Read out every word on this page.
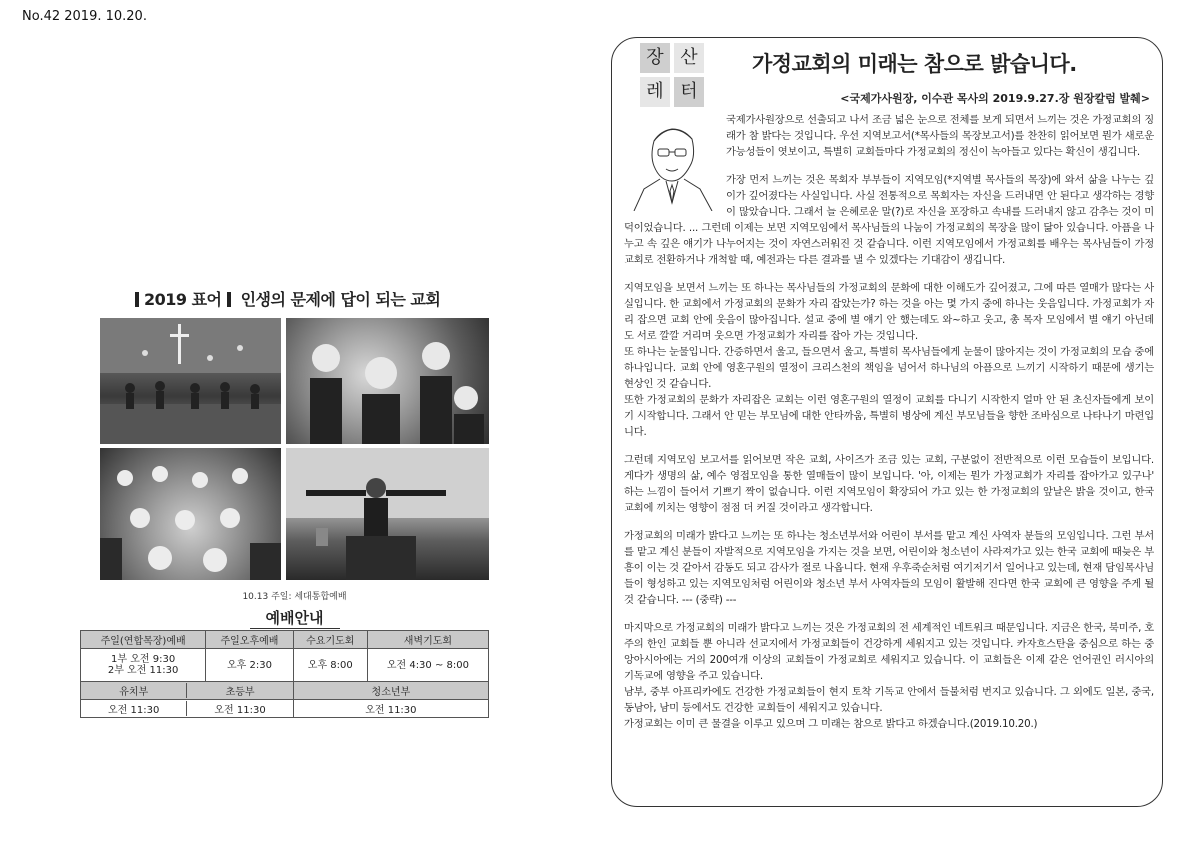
No.42 2019. 10.20.
2019 표어 인생의 문제에 답이 되는 교회
10.13 주일: 세대통합예배
예배안내
주일(연합목장)예배	주일오후예배	수요기도회	새벽기도회
1부 오전 9:30
2부 오전 11:30	오후 2:30	오후 8:00	오전 4:30 ~ 8:00

유치부 초등부		청소년부	

오전 11:30 오전 11:30		오전 11:30	
장 산
레 터
가정교회의 미래는 참으로 밝습니다.
<국제가사원장, 이수관 목사의 2019.9.27.장 원장칼럼 발췌>

국제가사원장으로 선출되고 나서 조금 넓은 눈으로 전체를 보게 되면서 느끼는 것은 가정교회의 징래가 참 밝다는 것입니다. 우선 지역보고서(*목사들의 목장보고서)를 찬찬히 읽어보면 뭔가 새로운 가능성들이 엿보이고, 특별히 교회들마다 가정교회의 정신이 녹아들고 있다는 확신이 생깁니다.

가장 먼저 느끼는 것은 목회자 부부들이 지역모임(*지역별 목사들의 목장)에 와서 삶을 나누는 깊이가 깊어졌다는 사실입니다. 사실 전통적으로 목회자는 자신을 드러내면 안 된다고 생각하는 경향이 많았습니다. 그래서 늘 은혜로운 말(?)로 자신을 포장하고 속내를 드러내지 않고 감추는 것이 미덕이었습니다. ... 그런데 이제는 보면 지역모임에서 목사님들의 나눔이 가정교회의 목장을 많이 닮아 있습니다. 아픔을 나누고 속 깊은 얘기가 나누어지는 것이 자연스러워진 것 같습니다. 이런 지역모임에서 가정교회를 배우는 목사님들이 가정교회로 전환하거나 개척할 때, 예전과는 다른 결과를 낼 수 있겠다는 기대감이 생깁니다.

지역모임을 보면서 느끼는 또 하나는 목사님들의 가정교회의 문화에 대한 이해도가 깊어졌고, 그에 따른 열매가 많다는 사실입니다. 한 교회에서 가정교회의 문화가 자리 잡았는가? 하는 것을 아는 몇 가지 중에 하나는 웃음입니다. 가정교회가 자리 잡으면 교회 안에 웃음이 많아집니다. 설교 중에 별 얘기 안 했는데도 와~하고 웃고, 총 목자 모임에서 별 얘기 아닌데도 서로 깔깔 거리며 웃으면 가정교회가 자리를 잡아 가는 것입니다.

또 하나는 눈물입니다. 간증하면서 울고, 들으면서 울고, 특별히 목사님들에게 눈물이 많아지는 것이 가정교회의 모습 중에 하나입니다. 교회 안에 영혼구원의 열정이 크리스천의 책임을 넘어서 하나님의 아픔으로 느끼기 시작하기 때문에 생기는 현상인 것 같습니다.

또한 가정교회의 문화가 자리잡은 교회는 이런 영혼구원의 열정이 교회를 다니기 시작한지 얼마 안 된 초신자들에게 보이기 시작합니다. 그래서 안 믿는 부모님에 대한 안타까움, 특별히 병상에 계신 부모님들을 향한 조바심으로 나타나기 마련입니다.

그런데 지역모임 보고서를 읽어보면 작은 교회, 사이즈가 조금 있는 교회, 구분없이 전반적으로 이런 모습들이 보입니다. 게다가 생명의 삶, 예수 영접모임을 통한 열매들이 많이 보입니다. '아, 이제는 뭔가 가정교회가 자리를 잡아가고 있구나' 하는 느낌이 들어서 기쁘기 짝이 없습니다. 이런 지역모임이 확장되어 가고 있는 한 가정교회의 앞날은 밝을 것이고, 한국 교회에 끼치는 영향이 점점 더 커질 것이라고 생각합니다.

가정교회의 미래가 밝다고 느끼는 또 하나는 청소년부서와 어린이 부서를 맡고 계신 사역자 분들의 모임입니다. 그런 부서를 맡고 계신 분들이 자발적으로 지역모임을 가지는 것을 보면, 어린이와 청소년이 사라져가고 있는 한국 교회에 때늦은 부흥이 이는 것 같아서 감동도 되고 감사가 절로 나옵니다. 현재 우후죽순처럼 여기저기서 일어나고 있는데, 현재 담임목사님들이 형성하고 있는 지역모임처럼 어린이와 청소년 부서 사역자들의 모임이 활발해 진다면 한국 교회에 큰 영향을 주게 될 것 같습니다. --- (중략) ---

마지막으로 가정교회의 미래가 밝다고 느끼는 것은 가정교회의 전 세계적인 네트워크 때문입니다. 지금은 한국, 북미주, 호주의 한인 교회들 뿐 아니라 선교지에서 가정교회들이 건강하게 세워지고 있는 것입니다. 카자흐스탄을 중심으로 하는 중앙아시아에는 거의 200여개 이상의 교회들이 가정교회로 세워지고 있습니다. 이 교회들은 이제 같은 언어권인 러시아의 기독교에 영향을 주고 있습니다.

남부, 중부 아프리카에도 건강한 가정교회들이 현지 토착 기독교 안에서 들불처럼 번지고 있습니다. 그 외에도 일본, 중국, 동남아, 남미 등에서도 건강한 교회들이 세워지고 있습니다.

가정교회는 이미 큰 물결을 이루고 있으며 그 미래는 참으로 밝다고 하겠습니다.(2019.10.20.)
